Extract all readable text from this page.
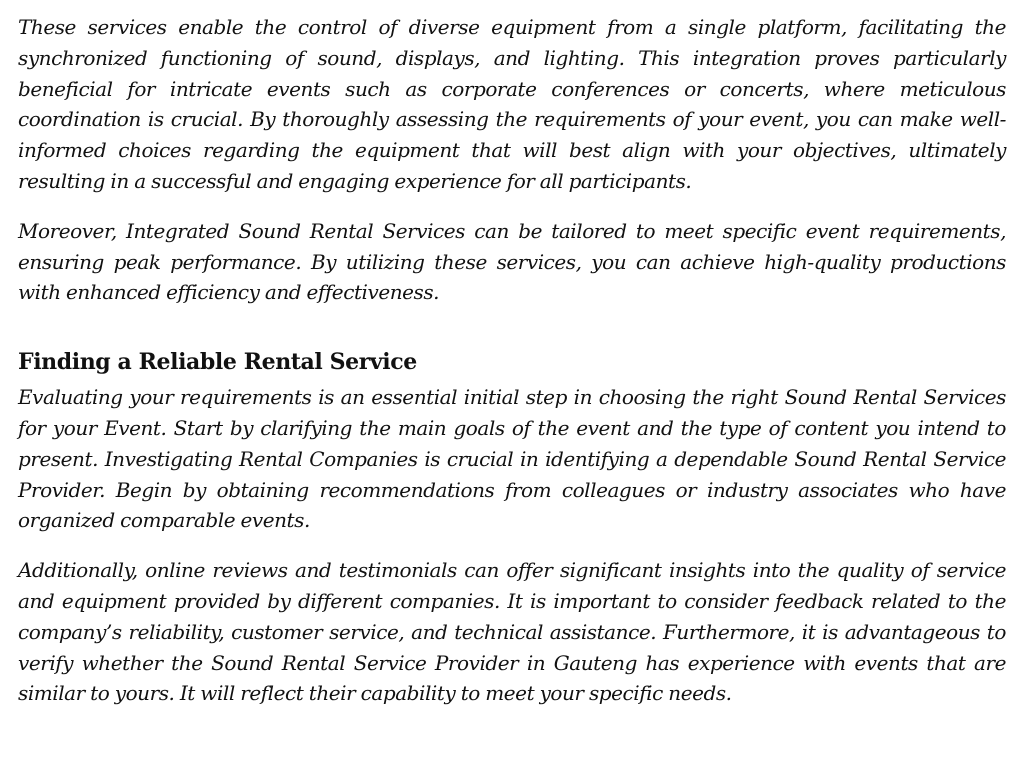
These services enable the control of diverse equipment from a single platform, facilitating the synchronized functioning of sound, displays, and lighting. This integration proves particularly beneficial for intricate events such as corporate conferences or concerts, where meticulous coordination is crucial. By thoroughly assessing the requirements of your event, you can make well-informed choices regarding the equipment that will best align with your objectives, ultimately resulting in a successful and engaging experience for all participants.

Moreover, Integrated Sound Rental Services can be tailored to meet specific event requirements, ensuring peak performance. By utilizing these services, you can achieve high-quality productions with enhanced efficiency and effectiveness.

Finding a Reliable Rental Service

Evaluating your requirements is an essential initial step in choosing the right Sound Rental Services for your Event. Start by clarifying the main goals of the event and the type of content you intend to present. Investigating Rental Companies is crucial in identifying a dependable Sound Rental Service Provider. Begin by obtaining recommendations from colleagues or industry associates who have organized comparable events.

Additionally, online reviews and testimonials can offer significant insights into the quality of service and equipment provided by different companies. It is important to consider feedback related to the company’s reliability, customer service, and technical assistance. Furthermore, it is advantageous to verify whether the Sound Rental Service Provider in Gauteng has experience with events that are similar to yours. It will reflect their capability to meet your specific needs.
